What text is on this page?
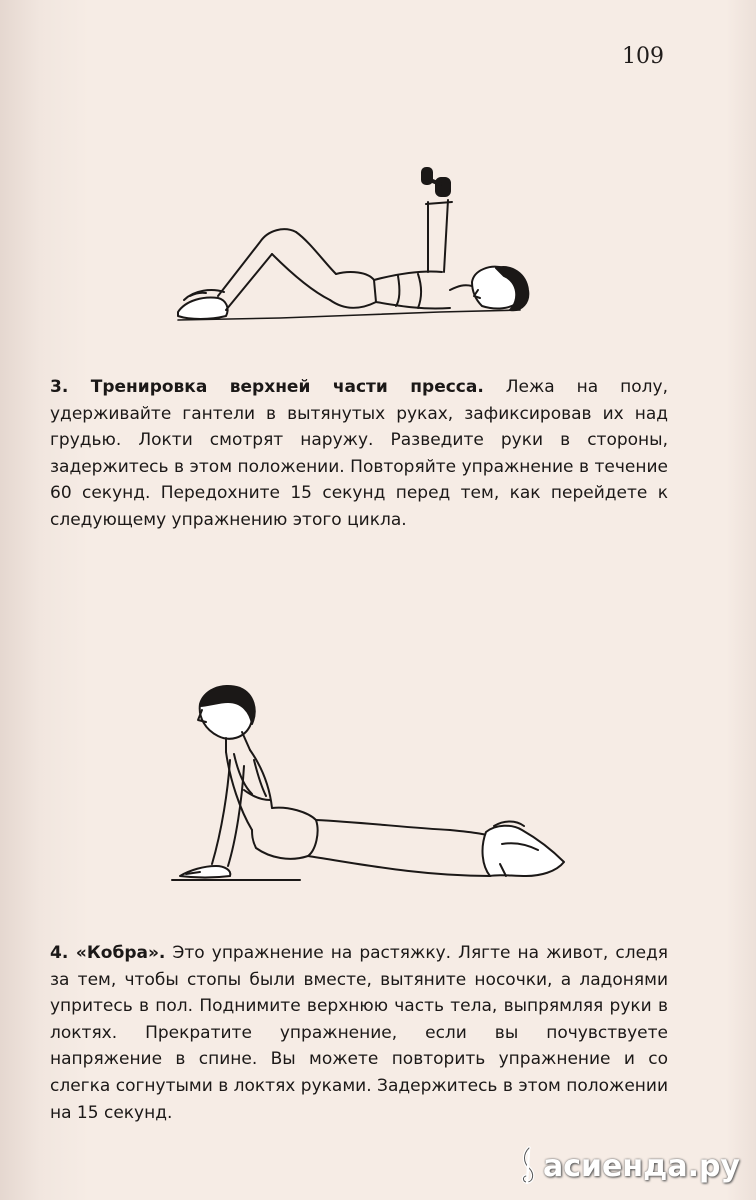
109

3. Тренировка верхней части пресса. Лежа на полу, удерживайте гантели в вытянутых руках, зафиксировав их над грудью. Локти смотрят наружу. Разведите руки в стороны, задержитесь в этом положении. Повторяйте упражнение в течение 60 секунд. Передохните 15 секунд перед тем, как перейдете к следующему упражнению этого цикла.

4. «Кобра». Это упражнение на растяжку. Лягте на живот, следя за тем, чтобы стопы были вместе, вытяните носочки, а ладонями упритесь в пол. Поднимите верхнюю часть тела, выпрямляя руки в локтях. Прекратите упражнение, если вы почувствуете напряжение в спине. Вы можете повторить упражнение и со слегка согнутыми в локтях руками. Задержитесь в этом положении на 15 секунд.

асиенда.ру
